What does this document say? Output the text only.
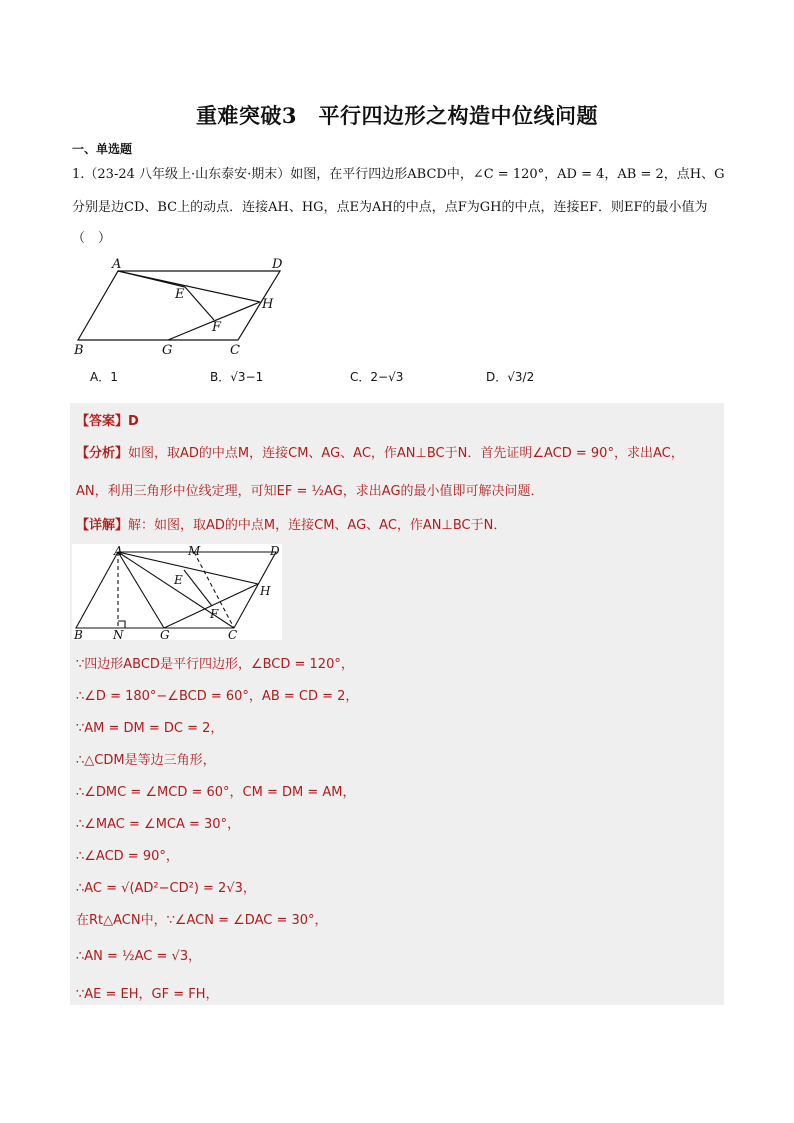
重难突破3　平行四边形之构造中位线问题
一、单选题
1.（23-24 八年级上·山东泰安·期末）如图，在平行四边形ABCD中，∠C = 120°，AD = 4，AB = 2，点H、G
分别是边CD、BC上的动点．连接AH、HG，点E为AH的中点，点F为GH的中点，连接EF．则EF的最小值为
（　）
A	D
E
H
F
B	G	C
A．1	B．√3−1	C．2−√3	D．√3/2
【答案】D
【分析】如图，取AD的中点M，连接CM、AG、AC，作AN⊥BC于N．首先证明∠ACD = 90°，求出AC，
AN，利用三角形中位线定理，可知EF = ½AG，求出AG的最小值即可解决问题．
【详解】解：如图，取AD的中点M，连接CM、AG、AC，作AN⊥BC于N．
A	M	D
E
H
F
B	N	G	C
∵四边形ABCD是平行四边形，∠BCD = 120°，
∴∠D = 180°−∠BCD = 60°，AB = CD = 2，
∵AM = DM = DC = 2，
∴△CDM是等边三角形，
∴∠DMC = ∠MCD = 60°，CM = DM = AM，
∴∠MAC = ∠MCA = 30°，
∴∠ACD = 90°，
∴AC = √(AD²−CD²) = 2√3，
在Rt△ACN中，∵∠ACN = ∠DAC = 30°，
∴AN = ½AC = √3，
∵AE = EH，GF = FH，
